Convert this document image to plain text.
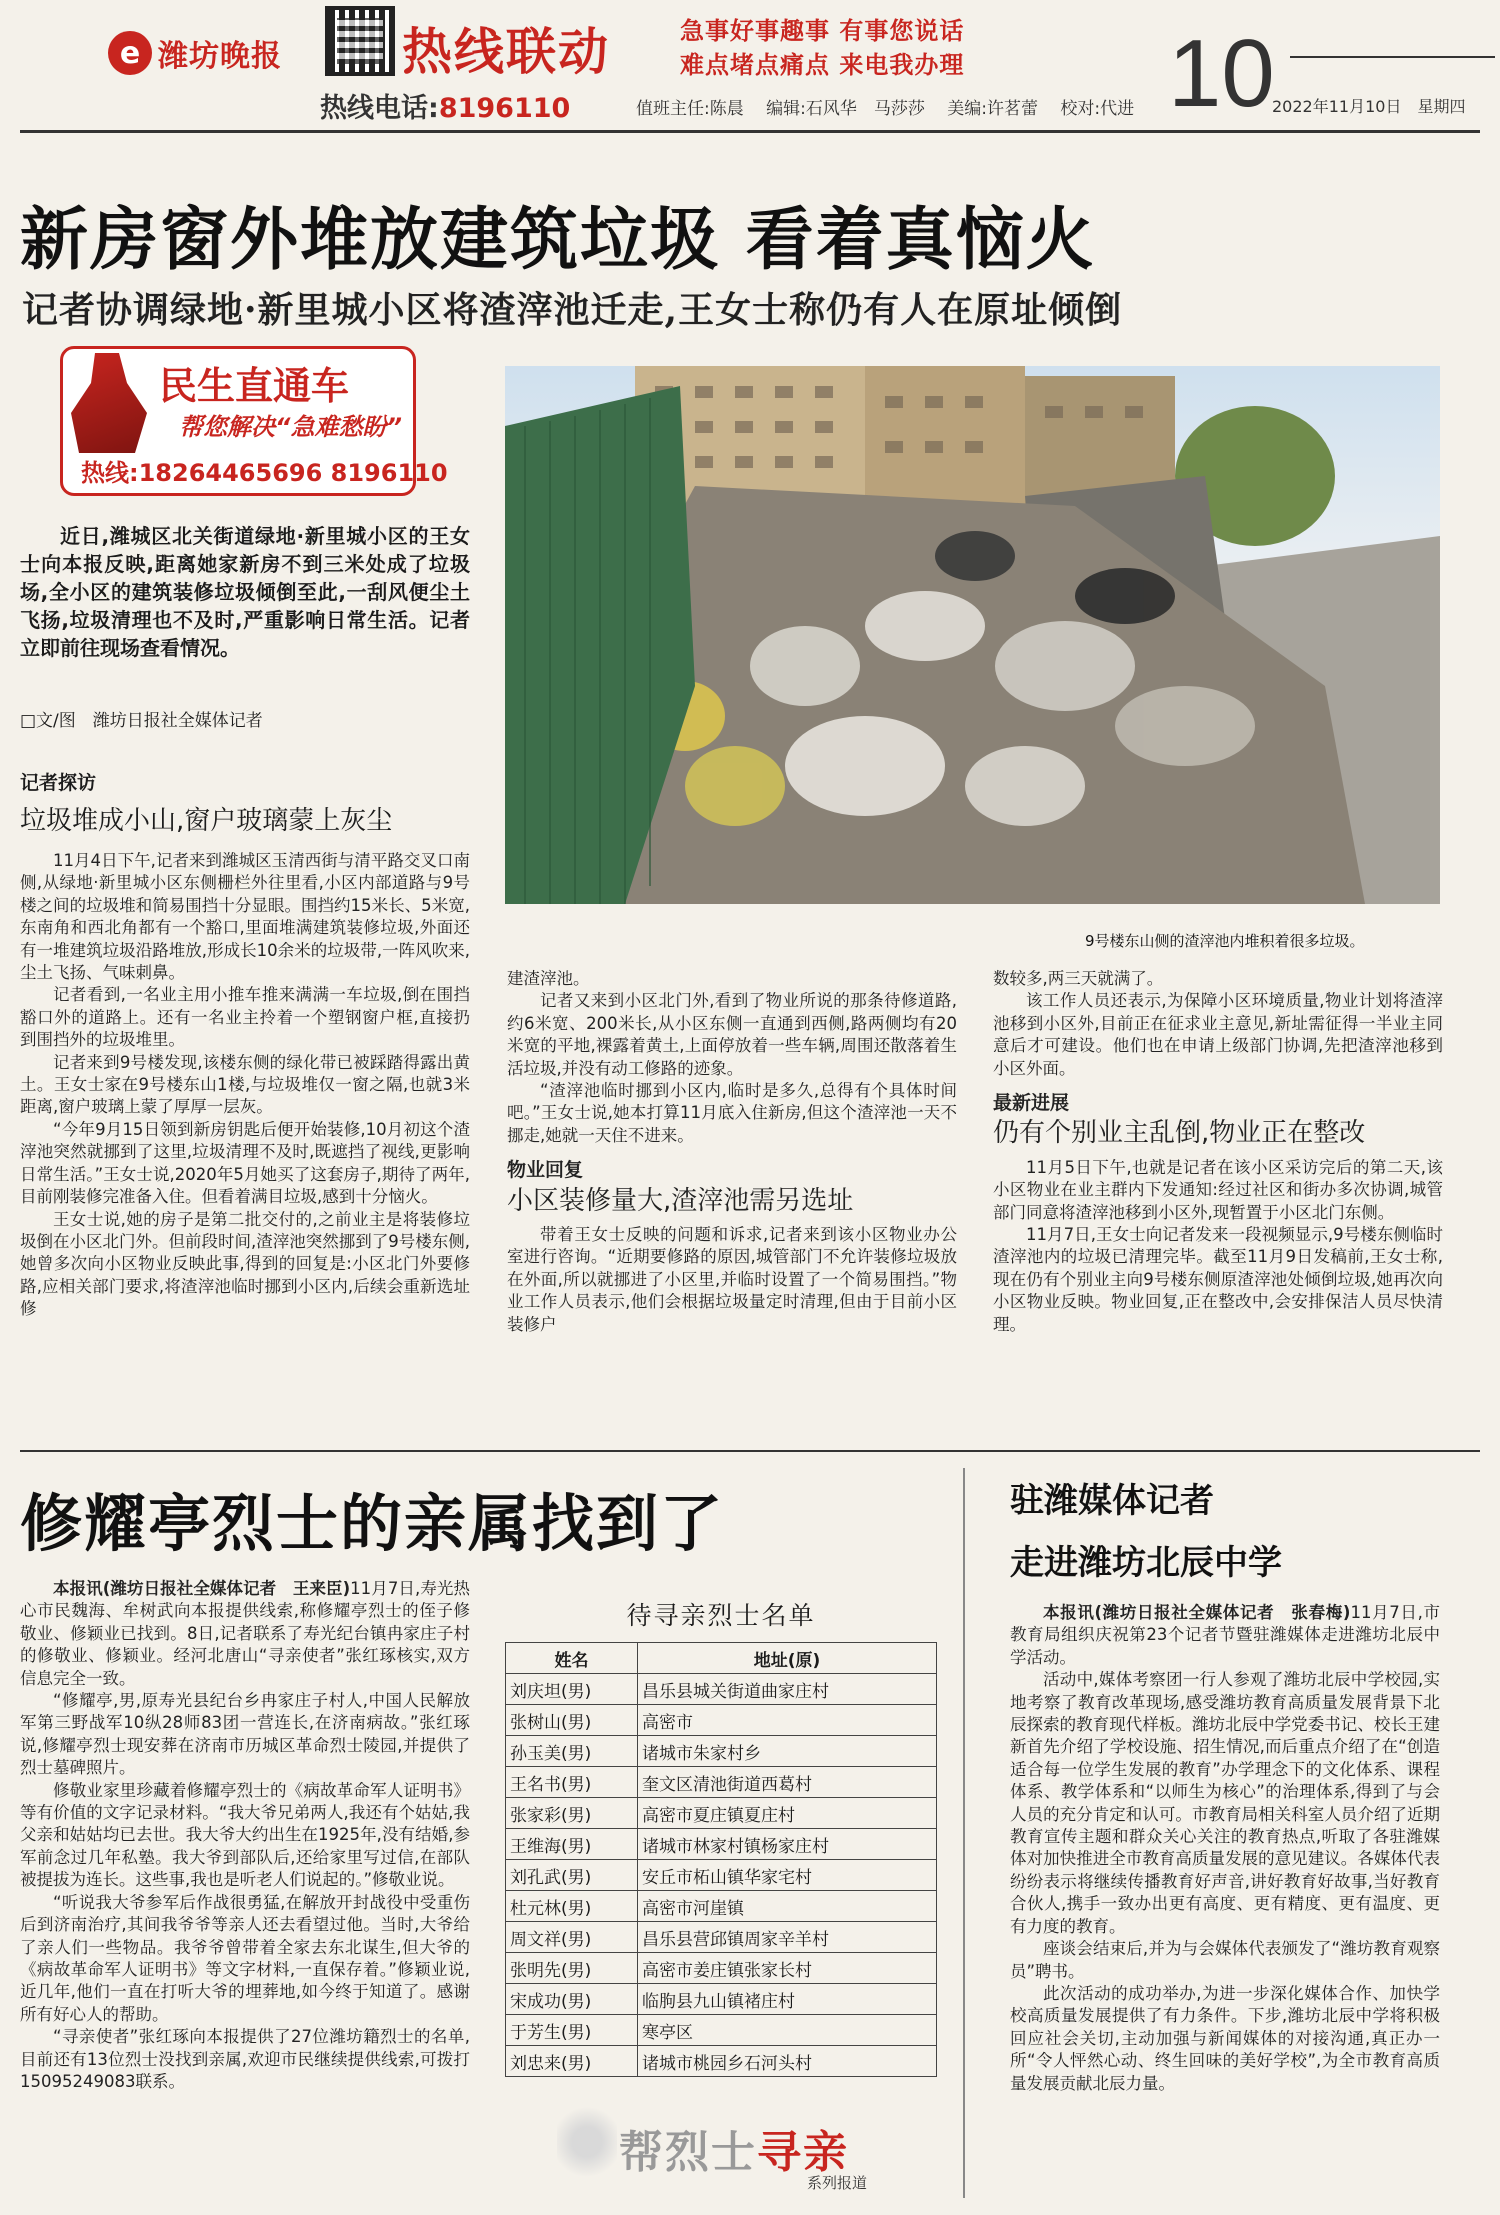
e 潍坊晚报 热线联动	急事好事趣事 有事您说话
难点堵点痛点 来电我办理 10
热线电话:8196110	值班主任:陈晨　 编辑:石风华　马莎莎　 美编:许茗蕾　 校对:代进	2022年11月10日　星期四
新房窗外堆放建筑垃圾 看着真恼火
记者协调绿地·新里城小区将渣滓池迁走,王女士称仍有人在原址倾倒
民生直通车
帮您解决“急难愁盼”
热线:18264465696 8196110

近日,潍城区北关街道绿地·新里城小区的王女士向本报反映,距离她家新房不到三米处成了垃圾场,全小区的建筑装修垃圾倾倒至此,一刮风便尘土飞扬,垃圾清理也不及时,严重影响日常生活。记者立即前往现场查看情况。

□文/图　潍坊日报社全媒体记者
9号楼东山侧的渣滓池内堆积着很多垃圾。
记者探访
垃圾堆成小山,窗户玻璃蒙上灰尘

11月4日下午,记者来到潍城区玉清西街与清平路交叉口南侧,从绿地·新里城小区东侧栅栏外往里看,小区内部道路与9号楼之间的垃圾堆和简易围挡十分显眼。围挡约15米长、5米宽,东南角和西北角都有一个豁口,里面堆满建筑装修垃圾,外面还有一堆建筑垃圾沿路堆放,形成长10余米的垃圾带,一阵风吹来,尘土飞扬、气味刺鼻。

记者看到,一名业主用小推车推来满满一车垃圾,倒在围挡豁口外的道路上。还有一名业主拎着一个塑钢窗户框,直接扔到围挡外的垃圾堆里。

记者来到9号楼发现,该楼东侧的绿化带已被踩踏得露出黄土。王女士家在9号楼东山1楼,与垃圾堆仅一窗之隔,也就3米距离,窗户玻璃上蒙了厚厚一层灰。

“今年9月15日领到新房钥匙后便开始装修,10月初这个渣滓池突然就挪到了这里,垃圾清理不及时,既遮挡了视线,更影响日常生活。”王女士说,2020年5月她买了这套房子,期待了两年,目前刚装修完准备入住。但看着满目垃圾,感到十分恼火。

王女士说,她的房子是第二批交付的,之前业主是将装修垃圾倒在小区北门外。但前段时间,渣滓池突然挪到了9号楼东侧,她曾多次向小区物业反映此事,得到的回复是:小区北门外要修路,应相关部门要求,将渣滓池临时挪到小区内,后续会重新选址修

建渣滓池。

记者又来到小区北门外,看到了物业所说的那条待修道路,约6米宽、200米长,从小区东侧一直通到西侧,路两侧均有20米宽的平地,裸露着黄土,上面停放着一些车辆,周围还散落着生活垃圾,并没有动工修路的迹象。

“渣滓池临时挪到小区内,临时是多久,总得有个具体时间吧。”王女士说,她本打算11月底入住新房,但这个渣滓池一天不挪走,她就一天住不进来。

物业回复
小区装修量大,渣滓池需另选址

带着王女士反映的问题和诉求,记者来到该小区物业办公室进行咨询。“近期要修路的原因,城管部门不允许装修垃圾放在外面,所以就挪进了小区里,并临时设置了一个简易围挡。”物业工作人员表示,他们会根据垃圾量定时清理,但由于目前小区装修户

数较多,两三天就满了。

该工作人员还表示,为保障小区环境质量,物业计划将渣滓池移到小区外,目前正在征求业主意见,新址需征得一半业主同意后才可建设。他们也在申请上级部门协调,先把渣滓池移到小区外面。

最新进展
仍有个别业主乱倒,物业正在整改

11月5日下午,也就是记者在该小区采访完后的第二天,该小区物业在业主群内下发通知:经过社区和街办多次协调,城管部门同意将渣滓池移到小区外,现暂置于小区北门东侧。

11月7日,王女士向记者发来一段视频显示,9号楼东侧临时渣滓池内的垃圾已清理完毕。截至11月9日发稿前,王女士称,现在仍有个别业主向9号楼东侧原渣滓池处倾倒垃圾,她再次向小区物业反映。物业回复,正在整改中,会安排保洁人员尽快清理。

修耀亭烈士的亲属找到了

本报讯(潍坊日报社全媒体记者　王来臣)11月7日,寿光热心市民魏海、牟树武向本报提供线索,称修耀亭烈士的侄子修敬业、修颖业已找到。8日,记者联系了寿光纪台镇冉家庄子村的修敬业、修颖业。经河北唐山“寻亲使者”张红琢核实,双方信息完全一致。

“修耀亭,男,原寿光县纪台乡冉家庄子村人,中国人民解放军第三野战军10纵28师83团一营连长,在济南病故。”张红琢说,修耀亭烈士现安葬在济南市历城区革命烈士陵园,并提供了烈士墓碑照片。

修敬业家里珍藏着修耀亭烈士的《病故革命军人证明书》等有价值的文字记录材料。“我大爷兄弟两人,我还有个姑姑,我父亲和姑姑均已去世。我大爷大约出生在1925年,没有结婚,参军前念过几年私塾。我大爷到部队后,还给家里写过信,在部队被提拔为连长。这些事,我也是听老人们说起的。”修敬业说。

“听说我大爷参军后作战很勇猛,在解放开封战役中受重伤后到济南治疗,其间我爷爷等亲人还去看望过他。当时,大爷给了亲人们一些物品。我爷爷曾带着全家去东北谋生,但大爷的《病故革命军人证明书》等文字材料,一直保存着。”修颖业说,近几年,他们一直在打听大爷的埋葬地,如今终于知道了。感谢所有好心人的帮助。

“寻亲使者”张红琢向本报提供了27位潍坊籍烈士的名单,目前还有13位烈士没找到亲属,欢迎市民继续提供线索,可拨打15095249083联系。

待寻亲烈士名单
姓名	地址(原)
刘庆坦(男)	昌乐县城关街道曲家庄村
张树山(男)	高密市
孙玉美(男)	诸城市朱家村乡
王名书(男)	奎文区清池街道西葛村
张家彩(男)	高密市夏庄镇夏庄村
王维海(男)	诸城市林家村镇杨家庄村
刘孔武(男)	安丘市柘山镇华家宅村
杜元林(男)	高密市河崖镇
周文祥(男)	昌乐县营邱镇周家辛羊村
张明先(男)	高密市姜庄镇张家长村
宋成功(男)	临朐县九山镇褚庄村
于芳生(男)	寒亭区
刘忠来(男)	诸城市桃园乡石河头村
帮烈士寻亲
系列报道
驻潍媒体记者
走进潍坊北辰中学

本报讯(潍坊日报社全媒体记者　张春梅)11月7日,市教育局组织庆祝第23个记者节暨驻潍媒体走进潍坊北辰中学活动。

活动中,媒体考察团一行人参观了潍坊北辰中学校园,实地考察了教育改革现场,感受潍坊教育高质量发展背景下北辰探索的教育现代样板。潍坊北辰中学党委书记、校长王建新首先介绍了学校设施、招生情况,而后重点介绍了在“创造适合每一位学生发展的教育”办学理念下的文化体系、课程体系、教学体系和“以师生为核心”的治理体系,得到了与会人员的充分肯定和认可。市教育局相关科室人员介绍了近期教育宣传主题和群众关心关注的教育热点,听取了各驻潍媒体对加快推进全市教育高质量发展的意见建议。各媒体代表纷纷表示将继续传播教育好声音,讲好教育好故事,当好教育合伙人,携手一致办出更有高度、更有精度、更有温度、更有力度的教育。

座谈会结束后,并为与会媒体代表颁发了“潍坊教育观察员”聘书。

此次活动的成功举办,为进一步深化媒体合作、加快学校高质量发展提供了有力条件。下步,潍坊北辰中学将积极回应社会关切,主动加强与新闻媒体的对接沟通,真正办一所“令人怦然心动、终生回味的美好学校”,为全市教育高质量发展贡献北辰力量。
